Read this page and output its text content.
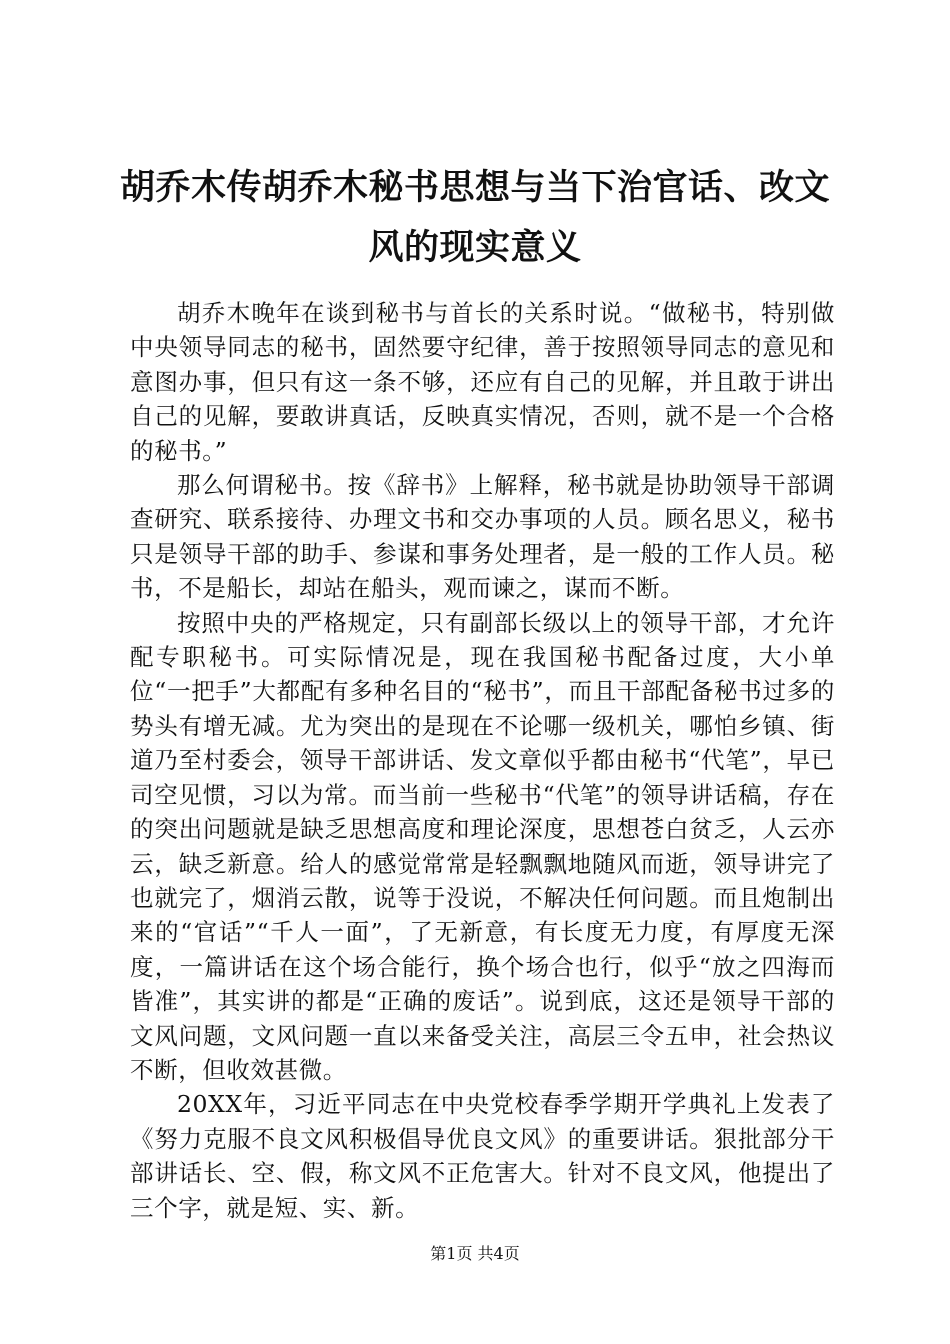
胡乔木传胡乔木秘书思想与当下治官话、改文风的现实意义

胡乔木晚年在谈到秘书与首长的关系时说。“做秘书，特别做中央领导同志的秘书，固然要守纪律，善于按照领导同志的意见和意图办事，但只有这一条不够，还应有自己的见解，并且敢于讲出自己的见解，要敢讲真话，反映真实情况，否则，就不是一个合格的秘书。”

那么何谓秘书。按《辞书》上解释，秘书就是协助领导干部调查研究、联系接待、办理文书和交办事项的人员。顾名思义，秘书只是领导干部的助手、参谋和事务处理者，是一般的工作人员。秘书，不是船长，却站在船头，观而谏之，谋而不断。

按照中央的严格规定，只有副部长级以上的领导干部，才允许配专职秘书。可实际情况是，现在我国秘书配备过度，大小单位“一把手”大都配有多种名目的“秘书”，而且干部配备秘书过多的势头有增无减。尤为突出的是现在不论哪一级机关，哪怕乡镇、街道乃至村委会，领导干部讲话、发文章似乎都由秘书“代笔”，早已司空见惯，习以为常。而当前一些秘书“代笔”的领导讲话稿，存在的突出问题就是缺乏思想高度和理论深度，思想苍白贫乏，人云亦云，缺乏新意。给人的感觉常常是轻飘飘地随风而逝，领导讲完了也就完了，烟消云散，说等于没说，不解决任何问题。而且炮制出来的“官话”“千人一面”，了无新意，有长度无力度，有厚度无深度，一篇讲话在这个场合能行，换个场合也行，似乎“放之四海而皆准”，其实讲的都是“正确的废话”。说到底，这还是领导干部的文风问题，文风问题一直以来备受关注，高层三令五申，社会热议不断，但收效甚微。

20XX年，习近平同志在中央党校春季学期开学典礼上发表了《努力克服不良文风积极倡导优良文风》的重要讲话。狠批部分干部讲话长、空、假，称文风不正危害大。针对不良文风，他提出了三个字，就是短、实、新。

第1页 共4页
